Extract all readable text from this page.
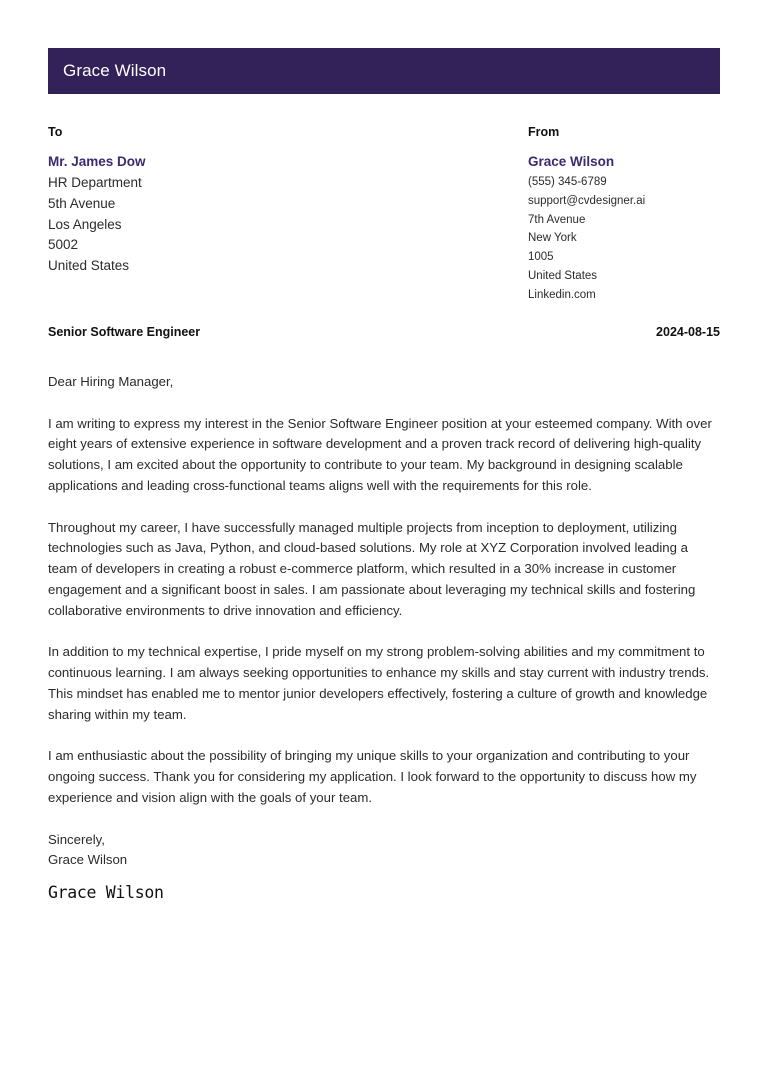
Grace Wilson
To
Mr. James Dow
HR Department
5th Avenue
Los Angeles
5002
United States
From
Grace Wilson
(555) 345-6789
support@cvdesigner.ai
7th Avenue
New York
1005
United States
Linkedin.com
Senior Software Engineer	2024-08-15

Dear Hiring Manager,

I am writing to express my interest in the Senior Software Engineer position at your esteemed company. With over eight years of extensive experience in software development and a proven track record of delivering high-quality solutions, I am excited about the opportunity to contribute to your team. My background in designing scalable applications and leading cross-functional teams aligns well with the requirements for this role.

Throughout my career, I have successfully managed multiple projects from inception to deployment, utilizing technologies such as Java, Python, and cloud-based solutions. My role at XYZ Corporation involved leading a team of developers in creating a robust e-commerce platform, which resulted in a 30% increase in customer engagement and a significant boost in sales. I am passionate about leveraging my technical skills and fostering collaborative environments to drive innovation and efficiency.

In addition to my technical expertise, I pride myself on my strong problem-solving abilities and my commitment to continuous learning. I am always seeking opportunities to enhance my skills and stay current with industry trends. This mindset has enabled me to mentor junior developers effectively, fostering a culture of growth and knowledge sharing within my team.

I am enthusiastic about the possibility of bringing my unique skills to your organization and contributing to your ongoing success. Thank you for considering my application. I look forward to the opportunity to discuss how my experience and vision align with the goals of your team.

Sincerely,

Grace Wilson

Grace Wilson
